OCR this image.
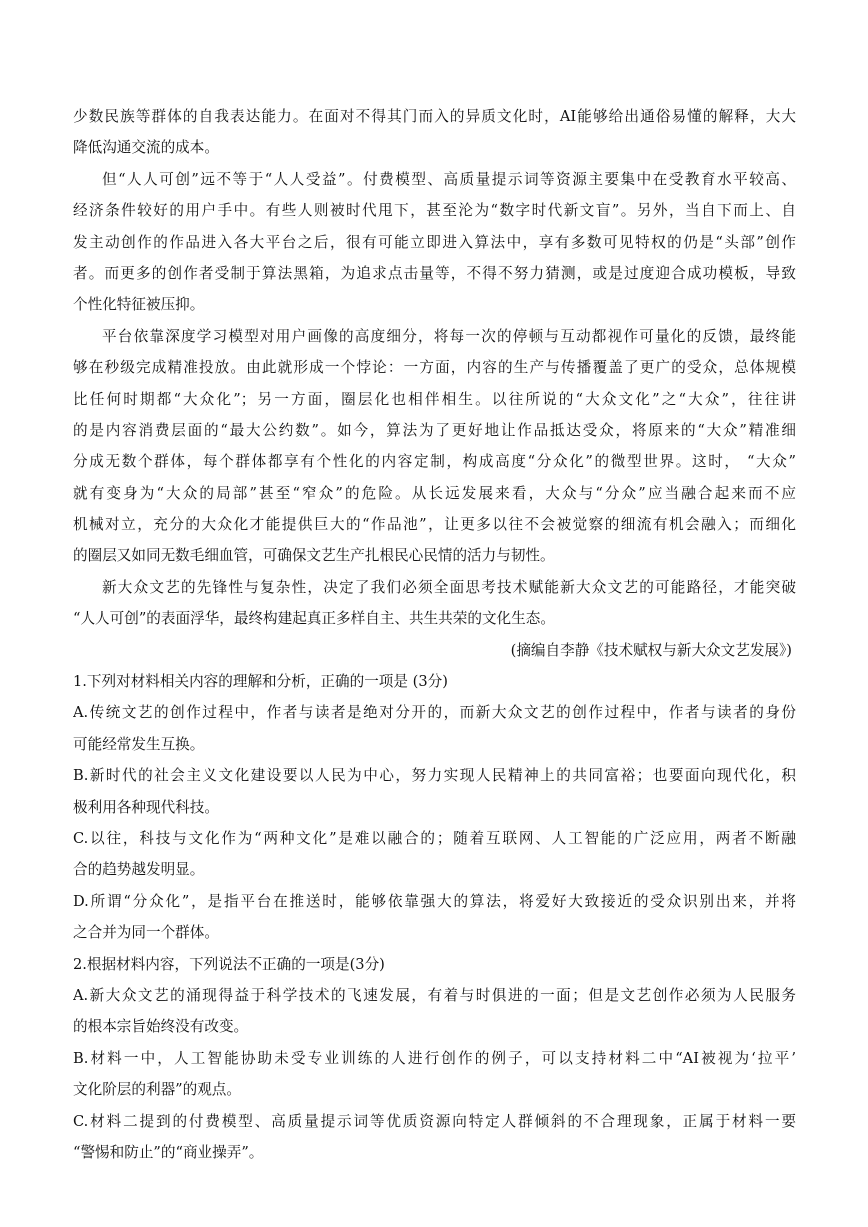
少数民族等群体的自我表达能力。在面对不得其门而入的异质文化时，AI能够给出通俗易懂的解释，大大
降低沟通交流的成本。
但“人人可创”远不等于“人人受益”。付费模型、高质量提示词等资源主要集中在受教育水平较高、
经济条件较好的用户手中。有些人则被时代甩下，甚至沦为“数字时代新文盲”。另外，当自下而上、自
发主动创作的作品进入各大平台之后，很有可能立即进入算法中，享有多数可见特权的仍是“头部”创作
者。而更多的创作者受制于算法黑箱，为追求点击量等，不得不努力猜测，或是过度迎合成功模板，导致
个性化特征被压抑。
平台依靠深度学习模型对用户画像的高度细分，将每一次的停顿与互动都视作可量化的反馈，最终能
够在秒级完成精准投放。由此就形成一个悖论：一方面，内容的生产与传播覆盖了更广的受众，总体规模
比任何时期都“大众化”；另一方面，圈层化也相伴相生。以往所说的“大众文化”之“大众”，往往讲
的是内容消费层面的“最大公约数”。如今，算法为了更好地让作品抵达受众，将原来的“大众”精准细
分成无数个群体，每个群体都享有个性化的内容定制，构成高度“分众化”的微型世界。这时， “大众”
就有变身为“大众的局部”甚至“窄众”的危险。从长远发展来看，大众与“分众”应当融合起来而不应
机械对立，充分的大众化才能提供巨大的“作品池”，让更多以往不会被觉察的细流有机会融入；而细化
的圈层又如同无数毛细血管，可确保文艺生产扎根民心民情的活力与韧性。
新大众文艺的先锋性与复杂性，决定了我们必须全面思考技术赋能新大众文艺的可能路径，才能突破
“人人可创”的表面浮华，最终构建起真正多样自主、共生共荣的文化生态。
(摘编自李静《技术赋权与新大众文艺发展》)
1.下列对材料相关内容的理解和分析，正确的一项是 (3分)
A.传统文艺的创作过程中，作者与读者是绝对分开的，而新大众文艺的创作过程中，作者与读者的身份
可能经常发生互换。
B.新时代的社会主义文化建设要以人民为中心，努力实现人民精神上的共同富裕；也要面向现代化，积
极利用各种现代科技。
C.以往，科技与文化作为“两种文化”是难以融合的；随着互联网、人工智能的广泛应用，两者不断融
合的趋势越发明显。
D.所谓“分众化”，是指平台在推送时，能够依靠强大的算法，将爱好大致接近的受众识别出来，并将
之合并为同一个群体。
2.根据材料内容，下列说法不正确的一项是(3分)
A.新大众文艺的涌现得益于科学技术的飞速发展，有着与时俱进的一面；但是文艺创作必须为人民服务
的根本宗旨始终没有改变。
B.材料一中，人工智能协助未受专业训练的人进行创作的例子，可以支持材料二中“AI被视为‘拉平’
文化阶层的利器”的观点。
C.材料二提到的付费模型、高质量提示词等优质资源向特定人群倾斜的不合理现象，正属于材料一要
“警惕和防止”的“商业操弄”。
